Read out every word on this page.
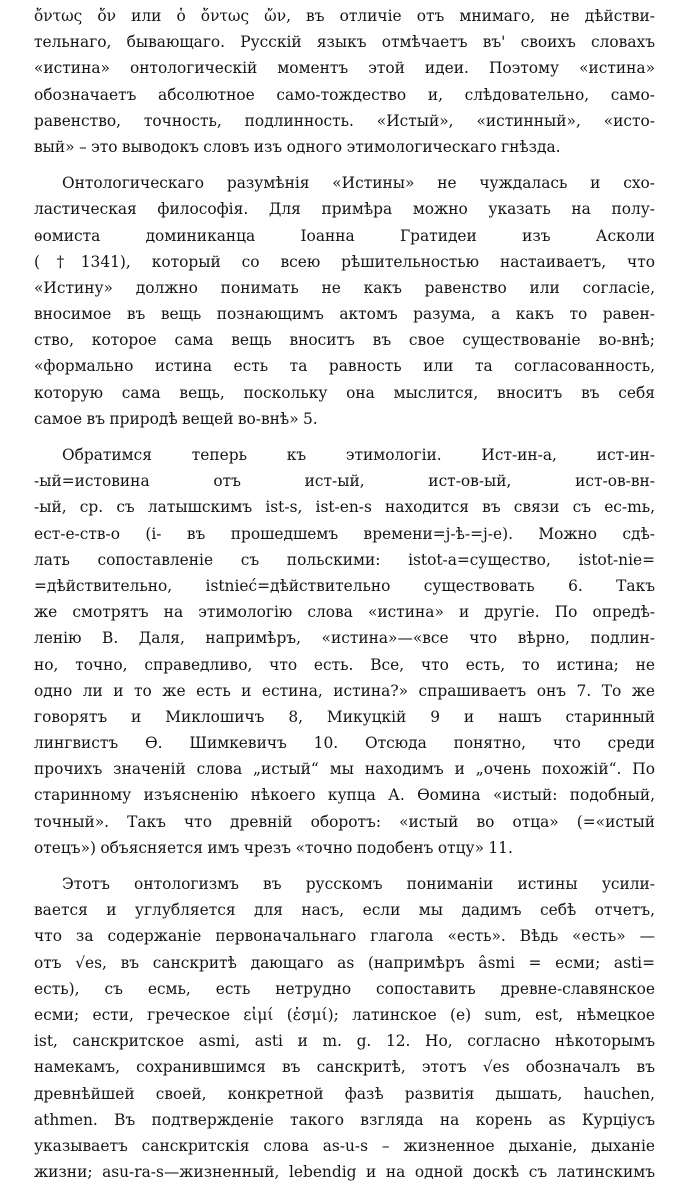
ὄντως ὄν или ὁ ὄντως ὤν, въ отличіе отъ мнимаго, не дѣйстви-
тельнаго, бывающаго. Русскій языкъ отмѣчаетъ въ' своихъ словахъ
«истина» онтологическій моментъ этой идеи. Поэтому «истина»
обозначаетъ абсолютное само-тождество и, слѣдовательно, само-
равенство, точность, подлинность. «Истый», «истинный», «исто-
вый» – это выводокъ словъ изъ одного этимологическаго гнѣзда.

Онтологическаго разумѣнія «Истины» не чуждалась и схо-
ластическая философія. Для примѣра можно указать на полу-
ѳомиста доминиканца Іоанна Гратидеи изъ Асколи
(†1341), который со всею рѣшительностью настаиваетъ, что
«Истину» должно понимать не какъ равенство или согласіе,
вносимое въ вещь познающимъ актомъ разума, а какъ то равен-
ство, которое сама вещь вноситъ въ свое существованіе во-внѣ;
«формально истина есть та равность или та согласованность,
которую сама вещь, поскольку она мыслится, вноситъ въ себя
самое въ природѣ вещей во-внѣ» 5.

Обратимся теперь къ этимологіи. Ист-ин-а, ист-ин-
-ый=истовина отъ ист-ый, ист-ов-ый, ист-ов-вн-
-ый, ср. съ латышскимъ ist-s, ist-en-s находится въ связи съ ес-mь,
ест-е-ств-о (і- въ прошедшемъ времени=j-ѣ-=j-е). Можно сдѣ-
лать сопоставленіе съ польскими: istot-a=существо, istot-nie=
=дѣйствительно, istnieć=дѣйствительно существовать 6. Такъ
же смотрятъ на этимологію слова «истина» и другіе. По опредѣ-
ленію В. Даля, напримѣръ, «истина»—«все что вѣрно, подлин-
но, точно, справедливо, что есть. Все, что есть, то истина; не
одно ли и то же есть и естина, истина?» спрашиваетъ онъ 7. То же
говорятъ и Миклошичъ 8, Микуцкій 9 и нашъ старинный
лингвистъ Ѳ. Шимкевичъ 10. Отсюда понятно, что среди
прочихъ значеній слова „истый“ мы находимъ и „очень похожій“. По
старинному изъясненію нѣкоего купца А. Ѳомина «истый: подобный,
точный». Такъ что древній оборотъ: «истый во отца» (=«истый
отецъ») объясняется имъ чрезъ «точно подобенъ отцу» 11.

Этотъ онтологизмъ въ русскомъ пониманіи истины усили-
вается и углубляется для насъ, если мы дадимъ себѣ отчетъ,
что за содержаніе первоначальнаго глагола «есть». Вѣдь «есть» —
отъ √es, въ санскритѣ дающаго as (напримѣръ âsmi = есми; asti=
есть), съ есмь, есть нетрудно сопоставить древне-славянское
есми; ести, греческое εἰμί (ἐσμί); латинское (e) sum, est, нѣмецкое
ist, санскритское asmi, asti и m. g. 12. Но, согласно нѣкоторымъ
намекамъ, сохранившимся въ санскритѣ, этотъ √es обозначалъ въ
древнѣйшей своей, конкретной фазѣ развитія дышать, hauchen,
athmen. Въ подтвержденіе такого взгляда на корень as Курціусъ
указываетъ санскритскія слова as-u-s – жизненное дыханіе, дыханіе
жизни; asu-ra-s—жизненный, lebendig и на одной доскѣ съ латинскимъ
